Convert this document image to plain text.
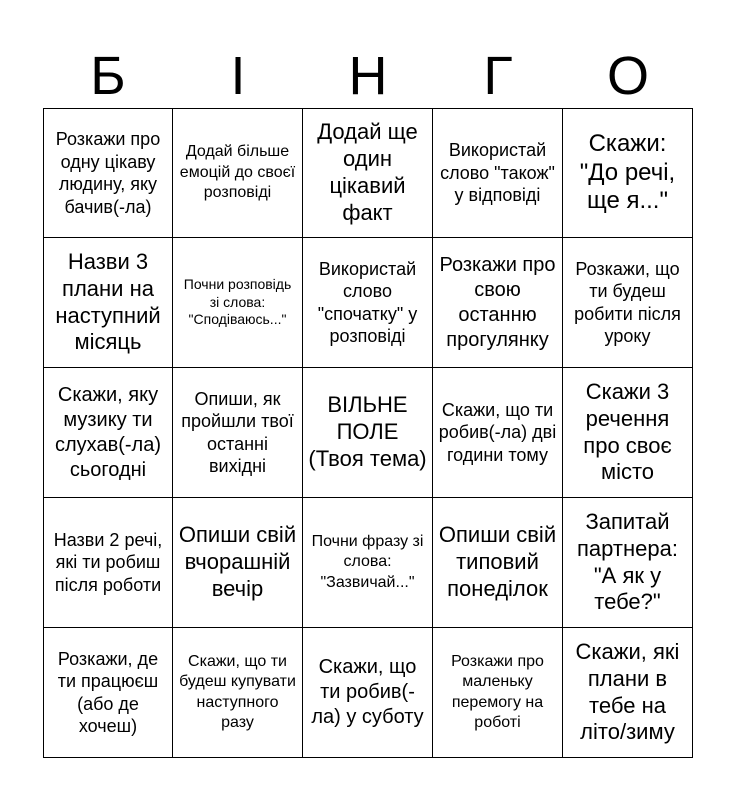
Б	І	Н	Г	О
Розкажи про одну цікаву людину, яку бачив(-ла)
Додай більше емоцій до своєї розповіді
Додай ще один цікавий факт
Використай слово "також" у відповіді
Скажи: "До речі, ще я..."
Назви 3 плани на наступний місяць
Почни розповідь зі слова: "Сподіваюсь..."
Використай слово "спочатку" у розповіді
Розкажи про свою останню прогулянку
Розкажи, що ти будеш робити після уроку
Скажи, яку музику ти слухав(-ла) сьогодні
Опиши, як пройшли твої останні вихідні
ВІЛЬНЕ ПОЛЕ (Твоя тема)
Скажи, що ти робив(-ла) дві години тому
Скажи 3 речення про своє місто
Назви 2 речі, які ти робиш після роботи
Опиши свій вчорашній вечір
Почни фразу зі слова: "Зазвичай..."
Опиши свій типовий понеділок
Запитай партнера: "А як у тебе?"
Розкажи, де ти працюєш (або де хочеш)
Скажи, що ти будеш купувати наступного разу
Скажи, що ти робив(-ла) у суботу
Розкажи про маленьку перемогу на роботі
Скажи, які плани в тебе на літо/зиму
